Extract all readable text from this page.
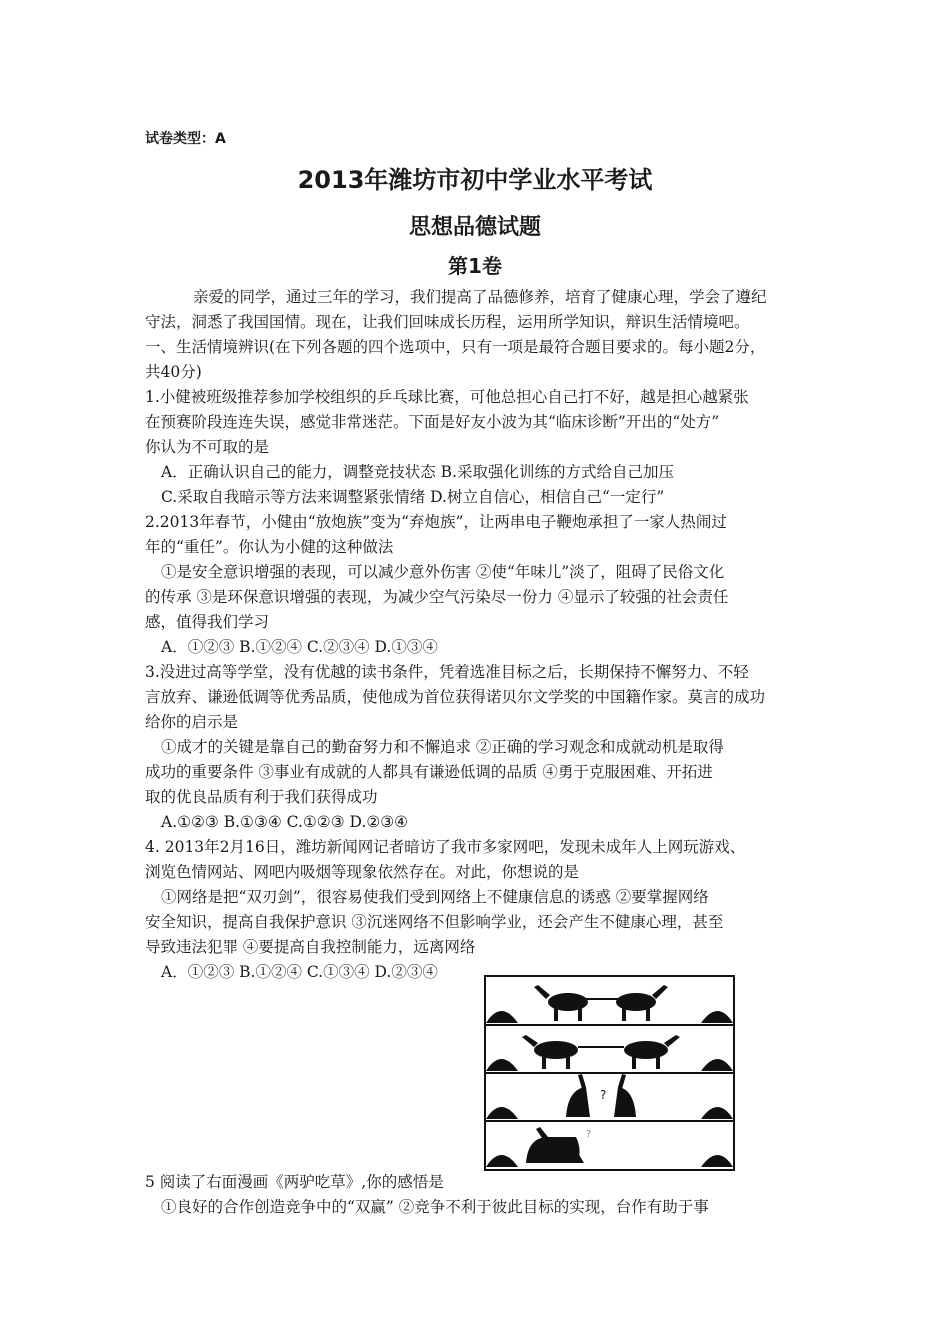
试卷类型：A
2013年潍坊市初中学业水平考试
思想品德试题
第1卷
亲爱的同学，通过三年的学习，我们提高了品德修养，培育了健康心理，学会了遵纪
守法，洞悉了我国国情。现在，让我们回味成长历程，运用所学知识，辩识生活情境吧。
一、生活情境辨识(在下列各题的四个选项中，只有一项是最符合题目要求的。每小题2分，
共40分)
1.小健被班级推荐参加学校组织的乒乓球比赛，可他总担心自己打不好，越是担心越紧张
在预赛阶段连连失误，感觉非常迷茫。下面是好友小波为其“临床诊断”开出的“处方”
你认为不可取的是
A．正确认识自己的能力，调整竞技状态 B.采取强化训练的方式给自己加压
C.采取自我暗示等方法来调整紧张情绪 D.树立自信心，相信自己“一定行”
2.2013年春节，小健由“放炮族”变为“弃炮族”，让两串电子鞭炮承担了一家人热闹过
年的“重任”。你认为小健的这种做法
①是安全意识增强的表现，可以减少意外伤害 ②使“年味儿”淡了，阻碍了民俗文化
的传承 ③是环保意识增强的表现，为减少空气污染尽一份力 ④显示了较强的社会责任
感，值得我们学习
A．①②③ B.①②④ C.②③④ D.①③④
3.没进过高等学堂，没有优越的读书条件，凭着选准目标之后，长期保持不懈努力、不轻
言放弃、谦逊低调等优秀品质，使他成为首位获得诺贝尔文学奖的中国籍作家。莫言的成功
给你的启示是
①成才的关键是靠自己的勤奋努力和不懈追求 ②正确的学习观念和成就动机是取得
成功的重要条件 ③事业有成就的人都具有谦逊低调的品质 ④勇于克服困难、开拓进
取的优良品质有利于我们获得成功
A.①②③ B.①③④ C.①②③ D.②③④
4. 2013年2月16日，潍坊新闻网记者暗访了我市多家网吧，发现未成年人上网玩游戏、
浏览色情网站、网吧内吸烟等现象依然存在。对此，你想说的是
①网络是把“双刃剑”，很容易使我们受到网络上不健康信息的诱惑 ②要掌握网络
安全知识，提高自我保护意识 ③沉迷网络不但影响学业，还会产生不健康心理，甚至
导致违法犯罪 ④要提高自我控制能力，远离网络
A．①②③ B.①②④ C.①③④ D.②③④
?
?
5 阅读了右面漫画《两驴吃草》,你的感悟是
①良好的合作创造竞争中的“双赢” ②竞争不利于彼此目标的实现，台作有助于事
